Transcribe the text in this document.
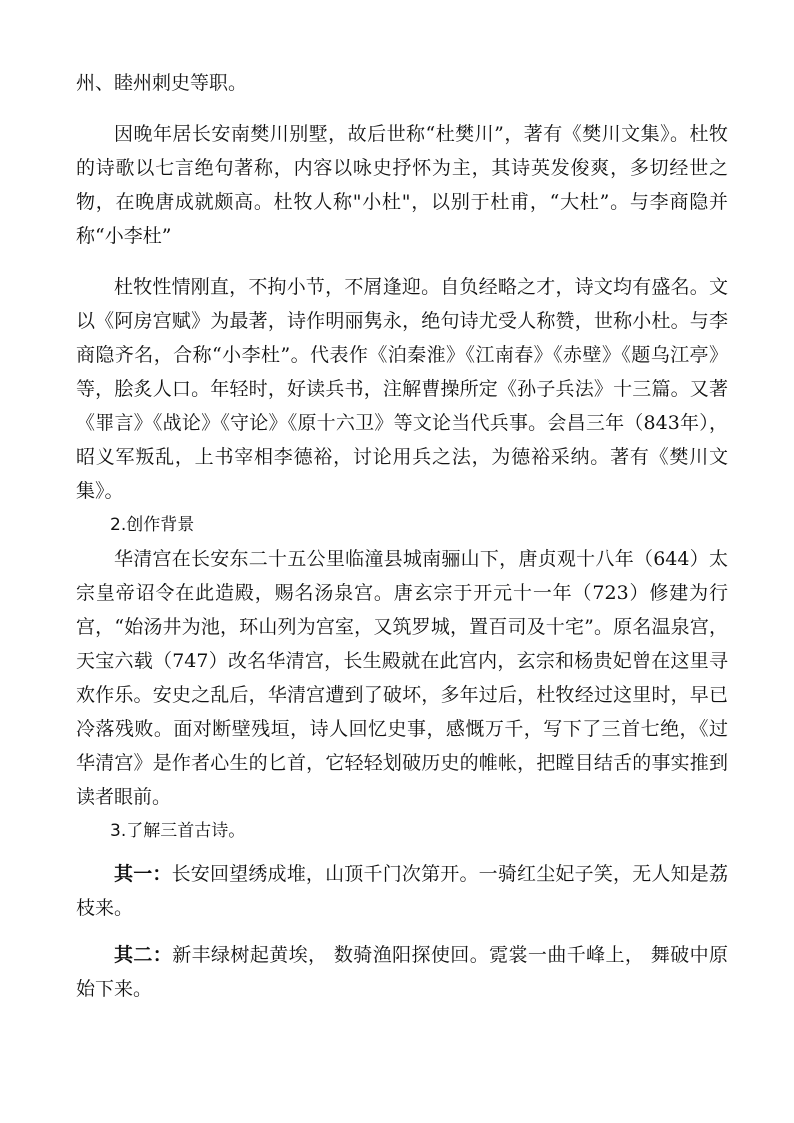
州、睦州刺史等职。

因晚年居长安南樊川别墅，故后世称“杜樊川”，著有《樊川文集》。杜牧的诗歌以七言绝句著称，内容以咏史抒怀为主，其诗英发俊爽，多切经世之物，在晚唐成就颇高。杜牧人称"小杜"，以别于杜甫，“大杜”。与李商隐并称“小李杜”

杜牧性情刚直，不拘小节，不屑逢迎。自负经略之才，诗文均有盛名。文以《阿房宫赋》为最著，诗作明丽隽永，绝句诗尤受人称赞，世称小杜。与李商隐齐名，合称“小李杜”。代表作《泊秦淮》《江南春》《赤壁》《题乌江亭》等，脍炙人口。年轻时，好读兵书，注解曹操所定《孙子兵法》十三篇。又著《罪言》《战论》《守论》《原十六卫》等文论当代兵事。会昌三年（843年），昭义军叛乱，上书宰相李德裕，讨论用兵之法，为德裕采纳。著有《樊川文集》。

2.创作背景

华清宫在长安东二十五公里临潼县城南骊山下，唐贞观十八年（644）太宗皇帝诏令在此造殿，赐名汤泉宫。唐玄宗于开元十一年（723）修建为行宫，“始汤井为池，环山列为宫室，又筑罗城，置百司及十宅”。原名温泉宫，天宝六载（747）改名华清宫，长生殿就在此宫内，玄宗和杨贵妃曾在这里寻欢作乐。安史之乱后，华清宫遭到了破坏，多年过后，杜牧经过这里时，早已冷落残败。面对断壁残垣，诗人回忆史事，感慨万千，写下了三首七绝，《过华清宫》是作者心生的匕首，它轻轻划破历史的帷帐，把瞠目结舌的事实推到读者眼前。

3.了解三首古诗。

其一：长安回望绣成堆，山顶千门次第开。一骑红尘妃子笑，无人知是荔枝来。

其二：新丰绿树起黄埃， 数骑渔阳探使回。霓裳一曲千峰上， 舞破中原始下来。
